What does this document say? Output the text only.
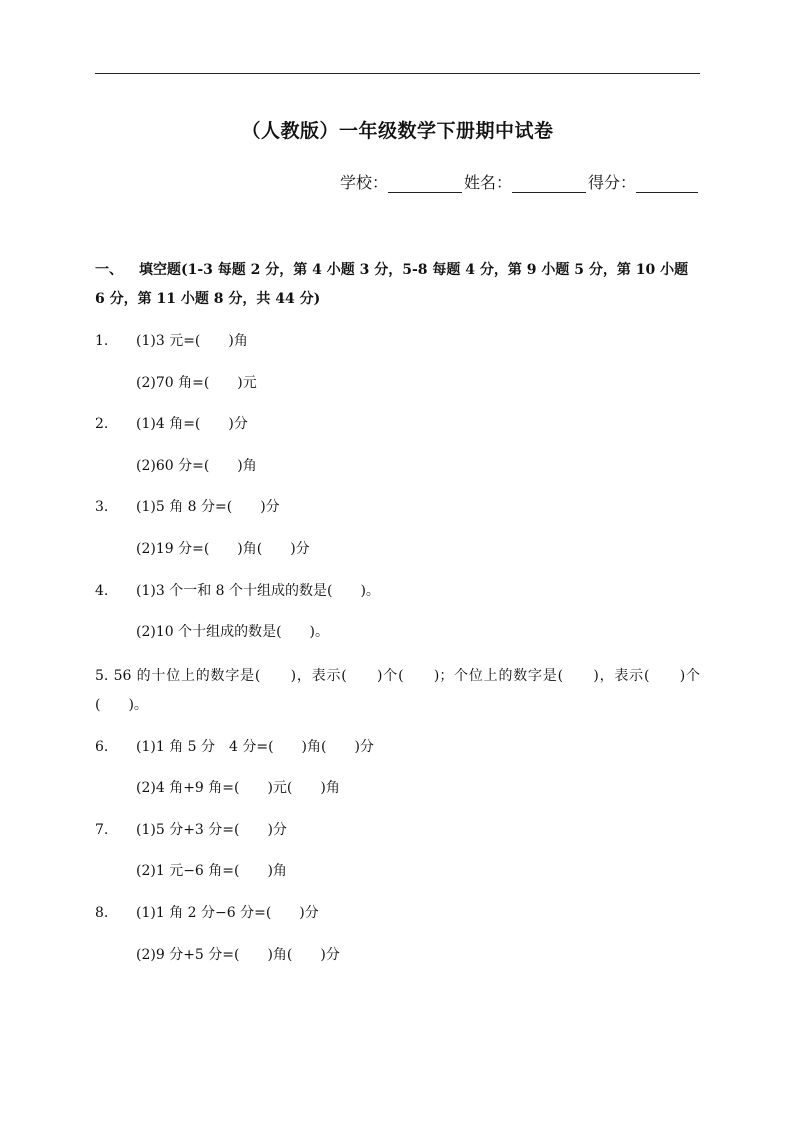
（人教版）一年级数学下册期中试卷
学校：	姓名：	得分：
一、 填空题(1-3 每题 2 分，第 4 小题 3 分，5-8 每题 4 分，第 9 小题 5 分，第 10 小题 6 分，第 11 小题 8 分，共 44 分)
1. (1)3 元=(　　)角
(2)70 角=(　　)元
2. (1)4 角=(　　)分
(2)60 分=(　　)角
3. (1)5 角 8 分=(　　)分
(2)19 分=(　　)角(　　)分
4. (1)3 个一和 8 个十组成的数是(　　)。
(2)10 个十组成的数是(　　)。
5. 56 的十位上的数字是(　　)，表示(　　)个(　　)；个位上的数字是(　　)，表示(　　)个(　　)。
6. (1)1 角 5 分　4 分=(　　)角(　　)分
(2)4 角+9 角=(　　)元(　　)角
7. (1)5 分+3 分=(　　)分
(2)1 元−6 角=(　　)角
8. (1)1 角 2 分−6 分=(　　)分
(2)9 分+5 分=(　　)角(　　)分
